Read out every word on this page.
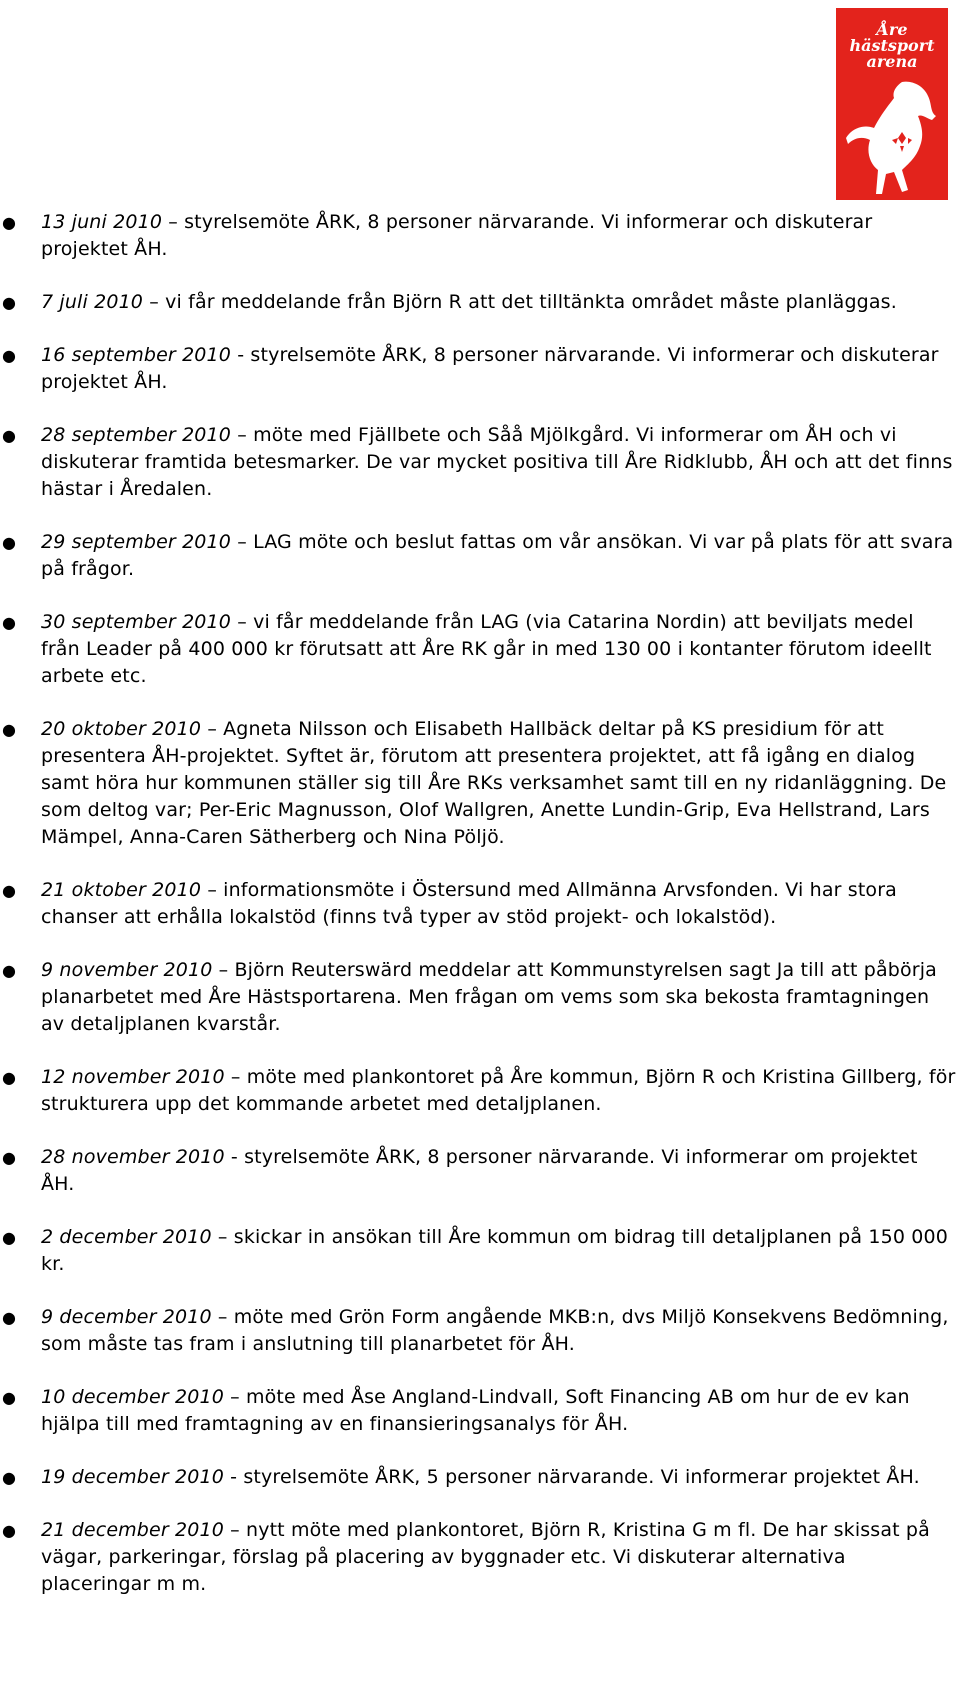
Åre
hästsport
arena
● 13 juni 2010 – styrelsemöte ÅRK, 8 personer närvarande. Vi informerar och diskuterar projektet ÅH.
● 7 juli 2010 – vi får meddelande från Björn R att det tilltänkta området måste planläggas.
● 16 september 2010 - styrelsemöte ÅRK, 8 personer närvarande. Vi informerar och diskuterar projektet ÅH.
● 28 september 2010 – möte med Fjällbete och Såå Mjölkgård. Vi informerar om ÅH och vi diskuterar framtida betesmarker. De var mycket positiva till Åre Ridklubb, ÅH och att det finns hästar i Åredalen.
● 29 september 2010 – LAG möte och beslut fattas om vår ansökan. Vi var på plats för att svara på frågor.
● 30 september 2010 – vi får meddelande från LAG (via Catarina Nordin) att beviljats medel från Leader på 400 000 kr förutsatt att Åre RK går in med 130 00 i kontanter förutom ideellt arbete etc.
● 20 oktober 2010 – Agneta Nilsson och Elisabeth Hallbäck deltar på KS presidium för att presentera ÅH-projektet. Syftet är, förutom att presentera projektet, att få igång en dialog samt höra hur kommunen ställer sig till Åre RKs verksamhet samt till en ny ridanläggning. De som deltog var; Per-Eric Magnusson, Olof Wallgren, Anette Lundin-Grip, Eva Hellstrand, Lars Mämpel, Anna-Caren Sätherberg och Nina Pöljö.
● 21 oktober 2010 – informationsmöte i Östersund med Allmänna Arvsfonden. Vi har stora chanser att erhålla lokalstöd (finns två typer av stöd projekt- och lokalstöd).
● 9 november 2010 – Björn Reuterswärd meddelar att Kommunstyrelsen sagt Ja till att påbörja planarbetet med Åre Hästsportarena. Men frågan om vems som ska bekosta framtagningen av detaljplanen kvarstår.
● 12 november 2010 – möte med plankontoret på Åre kommun, Björn R och Kristina Gillberg, för strukturera upp det kommande arbetet med detaljplanen.
● 28 november 2010 - styrelsemöte ÅRK, 8 personer närvarande. Vi informerar om projektet ÅH.
● 2 december 2010 – skickar in ansökan till Åre kommun om bidrag till detaljplanen på 150 000 kr.
● 9 december 2010 – möte med Grön Form angående MKB:n, dvs Miljö Konsekvens Bedömning, som måste tas fram i anslutning till planarbetet för ÅH.
● 10 december 2010 – möte med Åse Angland-Lindvall, Soft Financing AB om hur de ev kan hjälpa till med framtagning av en finansieringsanalys för ÅH.
● 19 december 2010 - styrelsemöte ÅRK, 5 personer närvarande. Vi informerar projektet ÅH.
● 21 december 2010 – nytt möte med plankontoret, Björn R, Kristina G m fl. De har skissat på vägar, parkeringar, förslag på placering av byggnader etc. Vi diskuterar alternativa placeringar m m.
